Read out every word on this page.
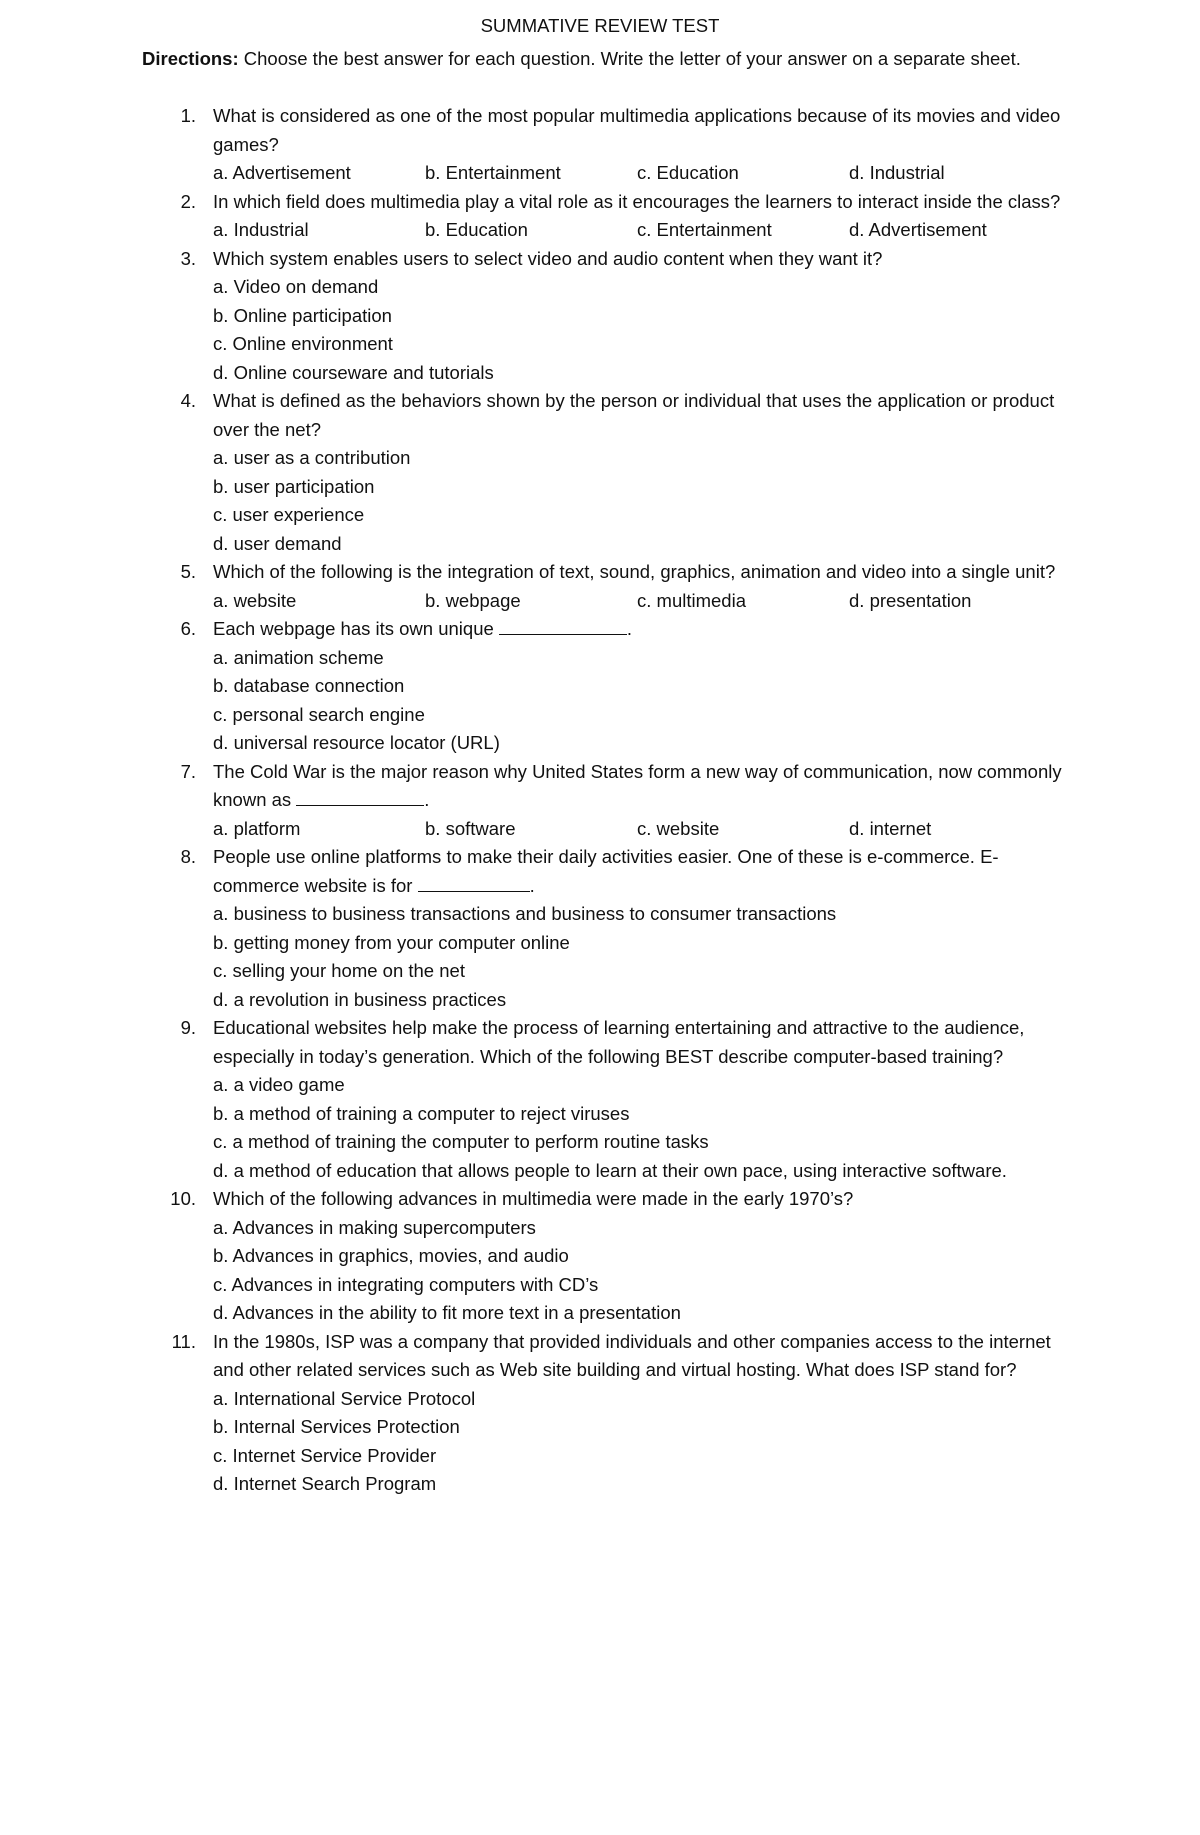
SUMMATIVE REVIEW TEST
Directions: Choose the best answer for each question. Write the letter of your answer on a separate sheet.
1. What is considered as one of the most popular multimedia applications because of its movies and video games?
a. Advertisement	b. Entertainment	c. Education	d. Industrial
2. In which field does multimedia play a vital role as it encourages the learners to interact inside the class?
a. Industrial	b. Education	c. Entertainment	d. Advertisement
3. Which system enables users to select video and audio content when they want it?
a. Video on demand
b. Online participation
c. Online environment
d. Online courseware and tutorials
4. What is defined as the behaviors shown by the person or individual that uses the application or product over the net?
a. user as a contribution
b. user participation
c. user experience
d. user demand
5. Which of the following is the integration of text, sound, graphics, animation and video into a single unit?
a. website	b. webpage	c. multimedia	d. presentation
6. Each webpage has its own unique	.
a. animation scheme
b. database connection
c. personal search engine
d. universal resource locator (URL)
7. The Cold War is the major reason why United States form a new way of communication, now commonly known as	.
a. platform	b. software	c. website	d. internet
8. People use online platforms to make their daily activities easier. One of these is e-commerce. E-commerce website is for	.
a. business to business transactions and business to consumer transactions
b. getting money from your computer online
c. selling your home on the net
d. a revolution in business practices
9. Educational websites help make the process of learning entertaining and attractive to the audience, especially in today’s generation. Which of the following BEST describe computer-based training?
a. a video game
b. a method of training a computer to reject viruses
c. a method of training the computer to perform routine tasks
d. a method of education that allows people to learn at their own pace, using interactive software.
10. Which of the following advances in multimedia were made in the early 1970’s?
a. Advances in making supercomputers
b. Advances in graphics, movies, and audio
c. Advances in integrating computers with CD’s
d. Advances in the ability to fit more text in a presentation
11. In the 1980s, ISP was a company that provided individuals and other companies access to the internet and other related services such as Web site building and virtual hosting. What does ISP stand for?
a. International Service Protocol
b. Internal Services Protection
c. Internet Service Provider
d. Internet Search Program
